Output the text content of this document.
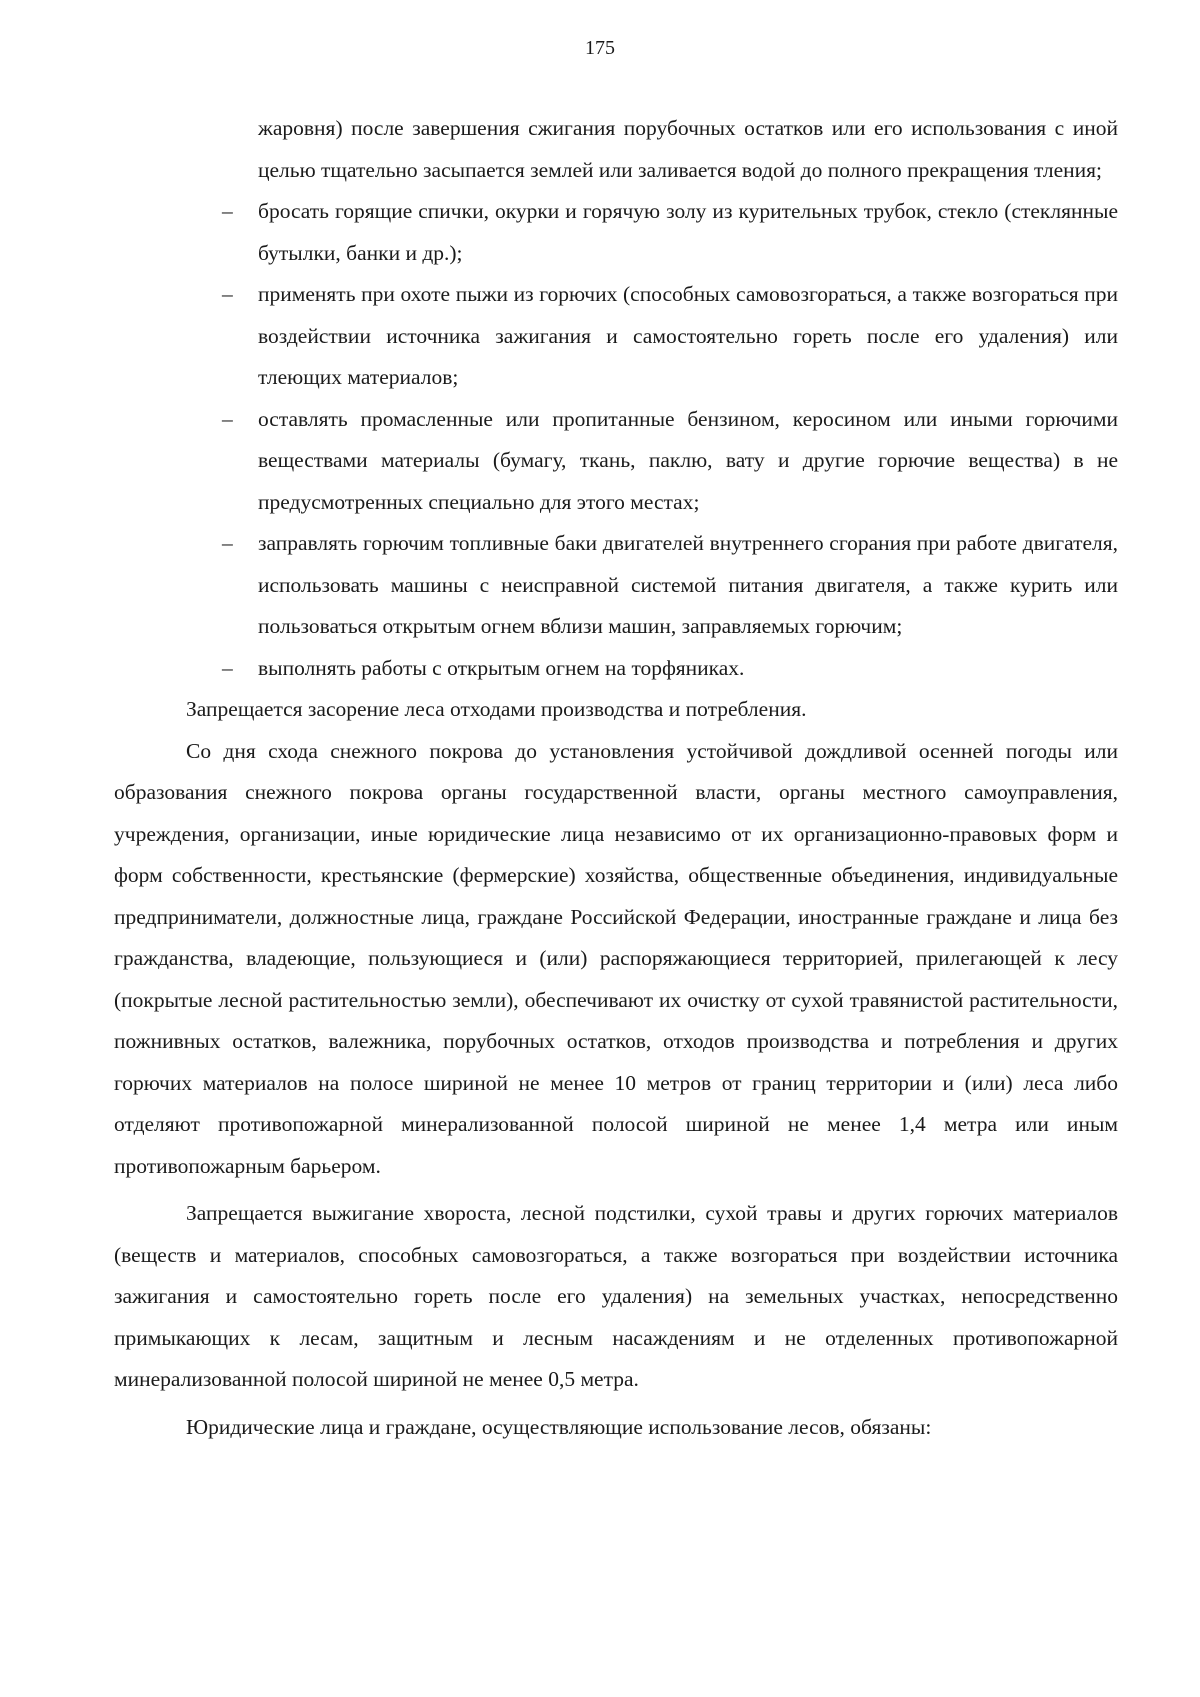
175

жаровня) после завершения сжигания порубочных остатков или его использования с иной целью тщательно засыпается землей или заливается водой до полного прекращения тления;

– бросать горящие спички, окурки и горячую золу из курительных трубок, стекло (стеклянные бутылки, банки и др.);
– применять при охоте пыжи из горючих (способных самовозгораться, а также возгораться при воздействии источника зажигания и самостоятельно гореть после его удаления) или тлеющих материалов;
– оставлять промасленные или пропитанные бензином, керосином или иными горючими веществами материалы (бумагу, ткань, паклю, вату и другие горючие вещества) в не предусмотренных специально для этого местах;
– заправлять горючим топливные баки двигателей внутреннего сгорания при работе двигателя, использовать машины с неисправной системой питания двигателя, а также курить или пользоваться открытым огнем вблизи машин, заправляемых горючим;
– выполнять работы с открытым огнем на торфяниках.

Запрещается засорение леса отходами производства и потребления.

Со дня схода снежного покрова до установления устойчивой дождливой осенней погоды или образования снежного покрова органы государственной власти, органы местного самоуправления, учреждения, организации, иные юридические лица независимо от их организационно-правовых форм и форм собственности, крестьянские (фермерские) хозяйства, общественные объединения, индивидуальные предприниматели, должностные лица, граждане Российской Федерации, иностранные граждане и лица без гражданства, владеющие, пользующиеся и (или) распоряжающиеся территорией, прилегающей к лесу (покрытые лесной растительностью земли), обеспечивают их очистку от сухой травянистой растительности, пожнивных остатков, валежника, порубочных остатков, отходов производства и потребления и других горючих материалов на полосе шириной не менее 10 метров от границ территории и (или) леса либо отделяют противопожарной минерализованной полосой шириной не менее 1,4 метра или иным противопожарным барьером.

Запрещается выжигание хвороста, лесной подстилки, сухой травы и других горючих материалов (веществ и материалов, способных самовозгораться, а также возгораться при воздействии источника зажигания и самостоятельно гореть после его удаления) на земельных участках, непосредственно примыкающих к лесам, защитным и лесным насаждениям и не отделенных противопожарной минерализованной полосой шириной не менее 0,5 метра.

Юридические лица и граждане, осуществляющие использование лесов, обязаны:
